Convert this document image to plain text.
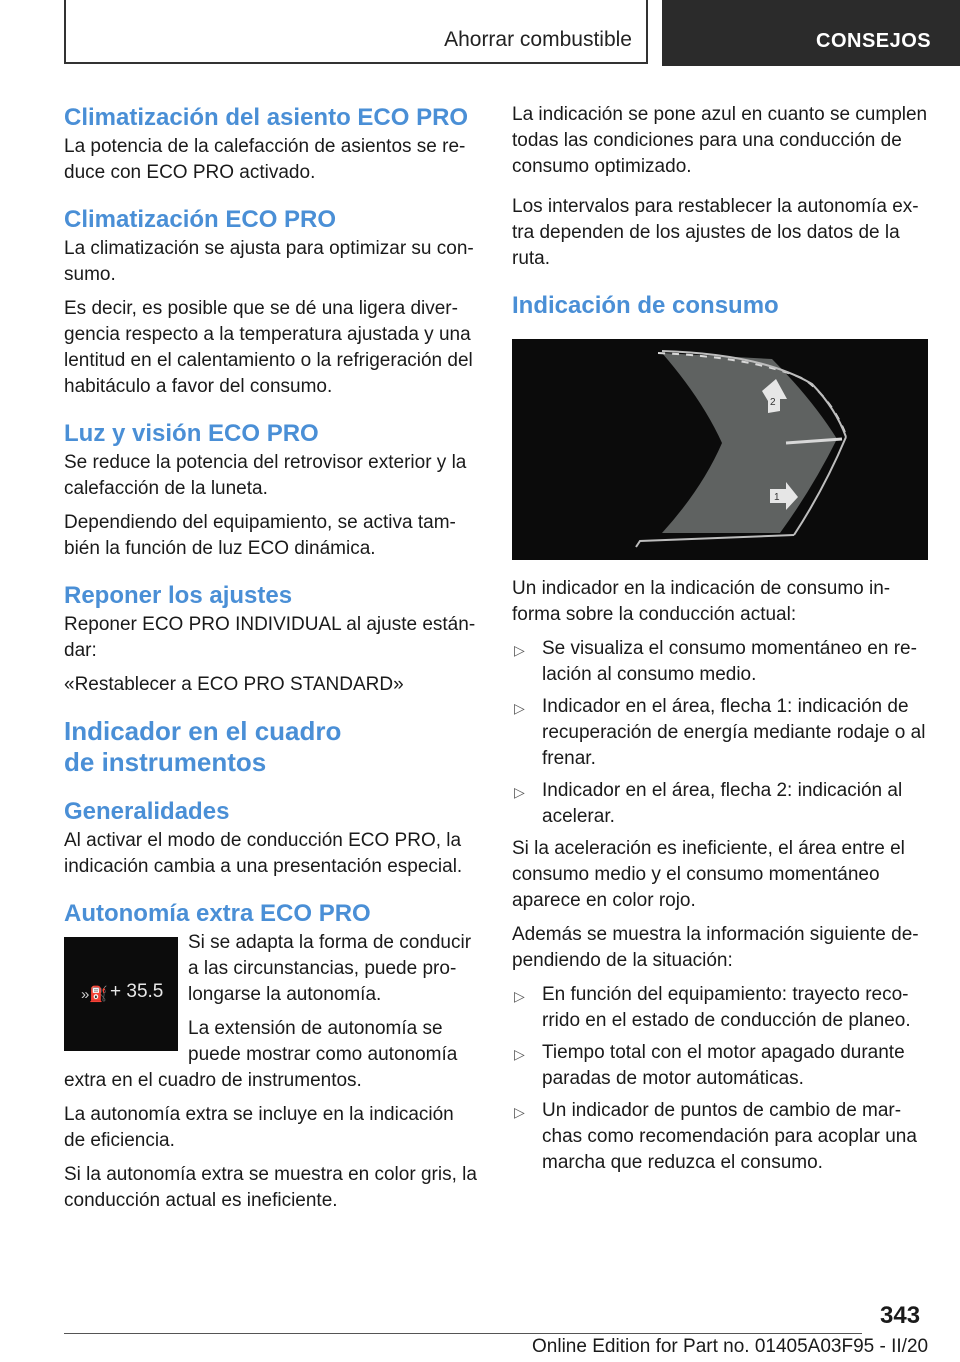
Ahorrar combustible	CONSEJOS
Climatización del asiento ECO PRO

La potencia de la calefacción de asientos se reduce con ECO PRO activado.

Climatización ECO PRO

La climatización se ajusta para optimizar su consumo.

Es decir, es posible que se dé una ligera divergencia respecto a la temperatura ajustada y una lentitud en el calentamiento o la refrigeración del habitáculo a favor del consumo.

Luz y visión ECO PRO

Se reduce la potencia del retrovisor exterior y la calefacción de la luneta.

Dependiendo del equipamiento, se activa también la función de luz ECO dinámica.

Reponer los ajustes

Reponer ECO PRO INDIVIDUAL al ajuste estándar:

«Restablecer a ECO PRO STANDARD»

Indicador en el cuadro
de instrumentos
Generalidades

Al activar el modo de conducción ECO PRO, la indicación cambia a una presentación especial.

Autonomía extra ECO PRO
»⛽ + 35.5

Si se adapta la forma de conducir a las circunstancias, puede prolongarse la autonomía.

La extensión de autonomía se puede mostrar como autonomía extra en el cuadro de instrumentos.

La autonomía extra se incluye en la indicación de eficiencia.

Si la autonomía extra se muestra en color gris, la conducción actual es ineficiente.

La indicación se pone azul en cuanto se cumplen todas las condiciones para una conducción de consumo optimizado.

Los intervalos para restablecer la autonomía extra dependen de los ajustes de los datos de la ruta.

Indicación de consumo
2
1

Un indicador en la indicación de consumo informa sobre la conducción actual:

▷ Se visualiza el consumo momentáneo en relación al consumo medio.
▷ Indicador en el área, flecha 1: indicación de recuperación de energía mediante rodaje o al frenar.
▷ Indicador en el área, flecha 2: indicación al acelerar.

Si la aceleración es ineficiente, el área entre el consumo medio y el consumo momentáneo aparece en color rojo.

Además se muestra la información siguiente dependiendo de la situación:

▷ En función del equipamiento: trayecto recorrido en el estado de conducción de planeo.
▷ Tiempo total con el motor apagado durante paradas de motor automáticas.
▷ Un indicador de puntos de cambio de marchas como recomendación para acoplar una marcha que reduzca el consumo.
343
Online Edition for Part no. 01405A03F95 - II/20
